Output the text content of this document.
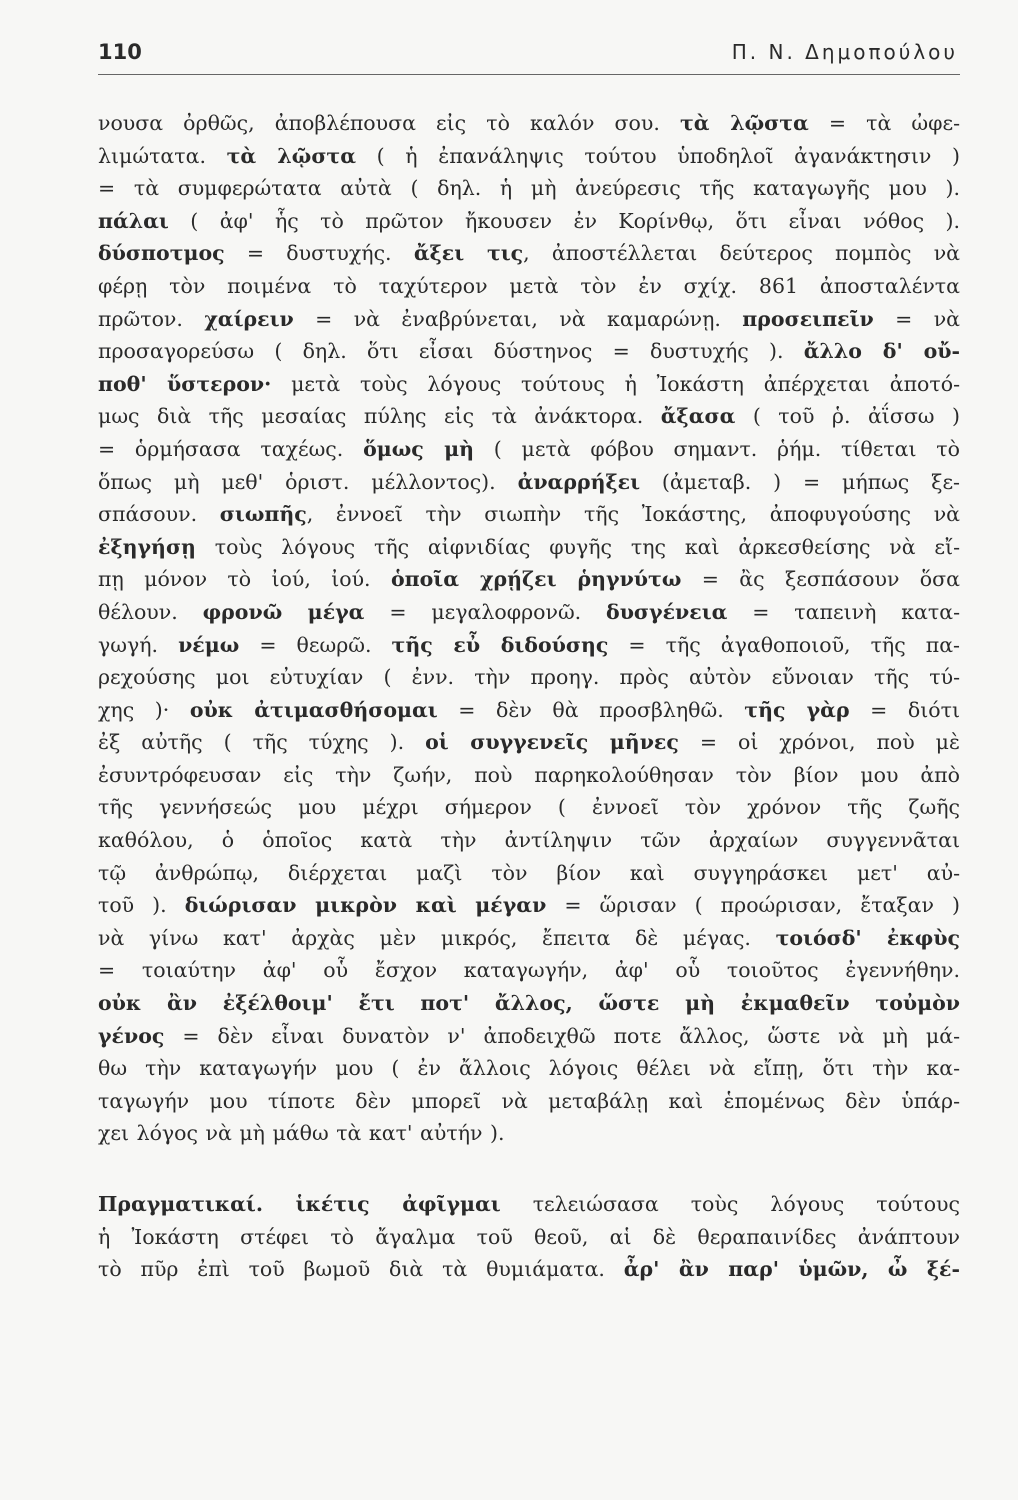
110	Π. Ν. Δημοπούλου
νουσα ὀρθῶς, ἀποβλέπουσα εἰς τὸ καλόν σου. τὰ λῷστα = τὰ ὠφε-
λιμώτατα. τὰ λῷστα ( ἡ ἐπανάληψις τούτου ὑποδηλοῖ ἀγανάκτησιν )
= τὰ συμφερώτατα αὐτὰ ( δηλ. ἡ μὴ ἀνεύρεσις τῆς καταγωγῆς μου ).
πάλαι ( ἀφ' ἧς τὸ πρῶτον ἤκουσεν ἐν Κορίνθῳ, ὅτι εἶναι νόθος ).
δύσποτμος = δυστυχής. ἄξει τις, ἀποστέλλεται δεύτερος πομπὸς νὰ
φέρῃ τὸν ποιμένα τὸ ταχύτερον μετὰ τὸν ἐν σχίχ. 861 ἀποσταλέντα
πρῶτον. χαίρειν = νὰ ἐναβρύνεται, νὰ καμαρώνῃ. προσειπεῖν = νὰ
προσαγορεύσω ( δηλ. ὅτι εἶσαι δύστηνος = δυστυχής ). ἄλλο δ' οὔ-
ποθ' ὕστερον· μετὰ τοὺς λόγους τούτους ἡ Ἰοκάστη ἀπέρχεται ἀποτό-
μως διὰ τῆς μεσαίας πύλης εἰς τὰ ἀνάκτορα. ἄξασα ( τοῦ ῥ. ἀΐσσω )
= ὁρμήσασα ταχέως. ὅμως μὴ ( μετὰ φόβου σημαντ. ῥήμ. τίθεται τὸ
ὅπως μὴ μεθ' ὁριστ. μέλλοντος). ἀναρρήξει (ἀμεταβ. ) = μήπως ξε-
σπάσουν. σιωπῆς, ἐννοεῖ τὴν σιωπὴν τῆς Ἰοκάστης, ἀποφυγούσης νὰ
ἐξηγήσῃ τοὺς λόγους τῆς αἰφνιδίας φυγῆς της καὶ ἀρκεσθείσης νὰ εἴ-
πῃ μόνον τὸ ἰού, ἰού. ὁποῖα χρῄζει ῥηγνύτω = ἂς ξεσπάσουν ὅσα
θέλουν. φρονῶ μέγα = μεγαλοφρονῶ. δυσγένεια = ταπεινὴ κατα-
γωγή. νέμω = θεωρῶ. τῆς εὖ διδούσης = τῆς ἀγαθοποιοῦ, τῆς πα-
ρεχούσης μοι εὐτυχίαν ( ἐνν. τὴν προηγ. πρὸς αὐτὸν εὔνοιαν τῆς τύ-
χης )· οὐκ ἀτιμασθήσομαι = δὲν θὰ προσβληθῶ. τῆς γὰρ = διότι
ἐξ αὐτῆς ( τῆς τύχης ). οἱ συγγενεῖς μῆνες = οἱ χρόνοι, ποὺ μὲ
ἐσυντρόφευσαν εἰς τὴν ζωήν, ποὺ παρηκολούθησαν τὸν βίον μου ἀπὸ
τῆς γεννήσεώς μου μέχρι σήμερον ( ἐννοεῖ τὸν χρόνον τῆς ζωῆς
καθόλου, ὁ ὁποῖος κατὰ τὴν ἀντίληψιν τῶν ἀρχαίων συγγεννᾶται
τῷ ἀνθρώπῳ, διέρχεται μαζὶ τὸν βίον καὶ συγγηράσκει μετ' αὐ-
τοῦ ). διώρισαν μικρὸν καὶ μέγαν = ὥρισαν ( προώρισαν, ἔταξαν )
νὰ γίνω κατ' ἀρχὰς μὲν μικρός, ἔπειτα δὲ μέγας. τοιόσδ' ἐκφὺς
= τοιαύτην ἀφ' οὗ ἔσχον καταγωγήν, ἀφ' οὗ τοιοῦτος ἐγεννήθην.
οὐκ ἂν ἐξέλθοιμ' ἔτι ποτ' ἄλλος, ὥστε μὴ ἐκμαθεῖν τοὐμὸν
γένος = δὲν εἶναι δυνατὸν ν' ἀποδειχθῶ ποτε ἄλλος, ὥστε νὰ μὴ μά-
θω τὴν καταγωγήν μου ( ἐν ἄλλοις λόγοις θέλει νὰ εἴπῃ, ὅτι τὴν κα-
ταγωγήν μου τίποτε δὲν μπορεῖ νὰ μεταβάλῃ καὶ ἑπομένως δὲν ὑπάρ-
χει λόγος νὰ μὴ μάθω τὰ κατ' αὐτήν ).
Πραγματικαί. ἱκέτις ἀφῖγμαι τελειώσασα τοὺς λόγους τούτους
ἡ Ἰοκάστη στέφει τὸ ἄγαλμα τοῦ θεοῦ, αἱ δὲ θεραπαινίδες ἀνάπτουν
τὸ πῦρ ἐπὶ τοῦ βωμοῦ διὰ τὰ θυμιάματα. ἆρ' ἂν παρ' ὑμῶν, ὦ ξέ-
